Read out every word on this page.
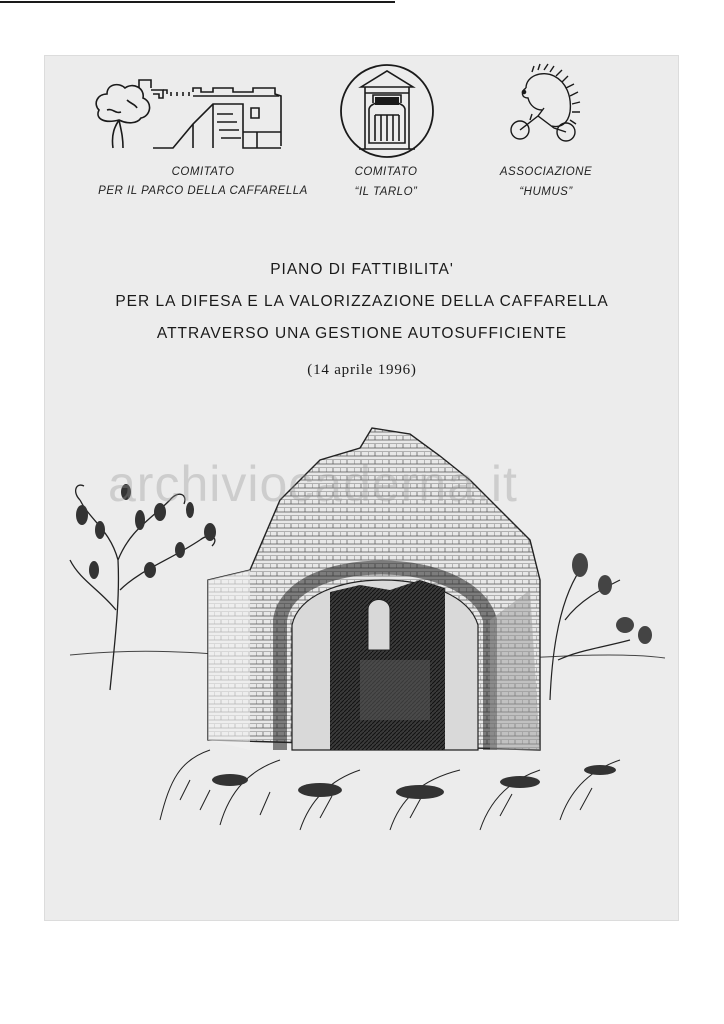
COMITATO
PER IL PARCO DELLA CAFFARELLA
COMITATO
“IL TARLO”
ASSOCIAZIONE
“HUMUS”
PIANO DI FATTIBILITA'
PER LA DIFESA E LA VALORIZZAZIONE DELLA CAFFARELLA
ATTRAVERSO UNA GESTIONE AUTOSUFFICIENTE
(14 aprile 1996)
archiviocaderna.it
